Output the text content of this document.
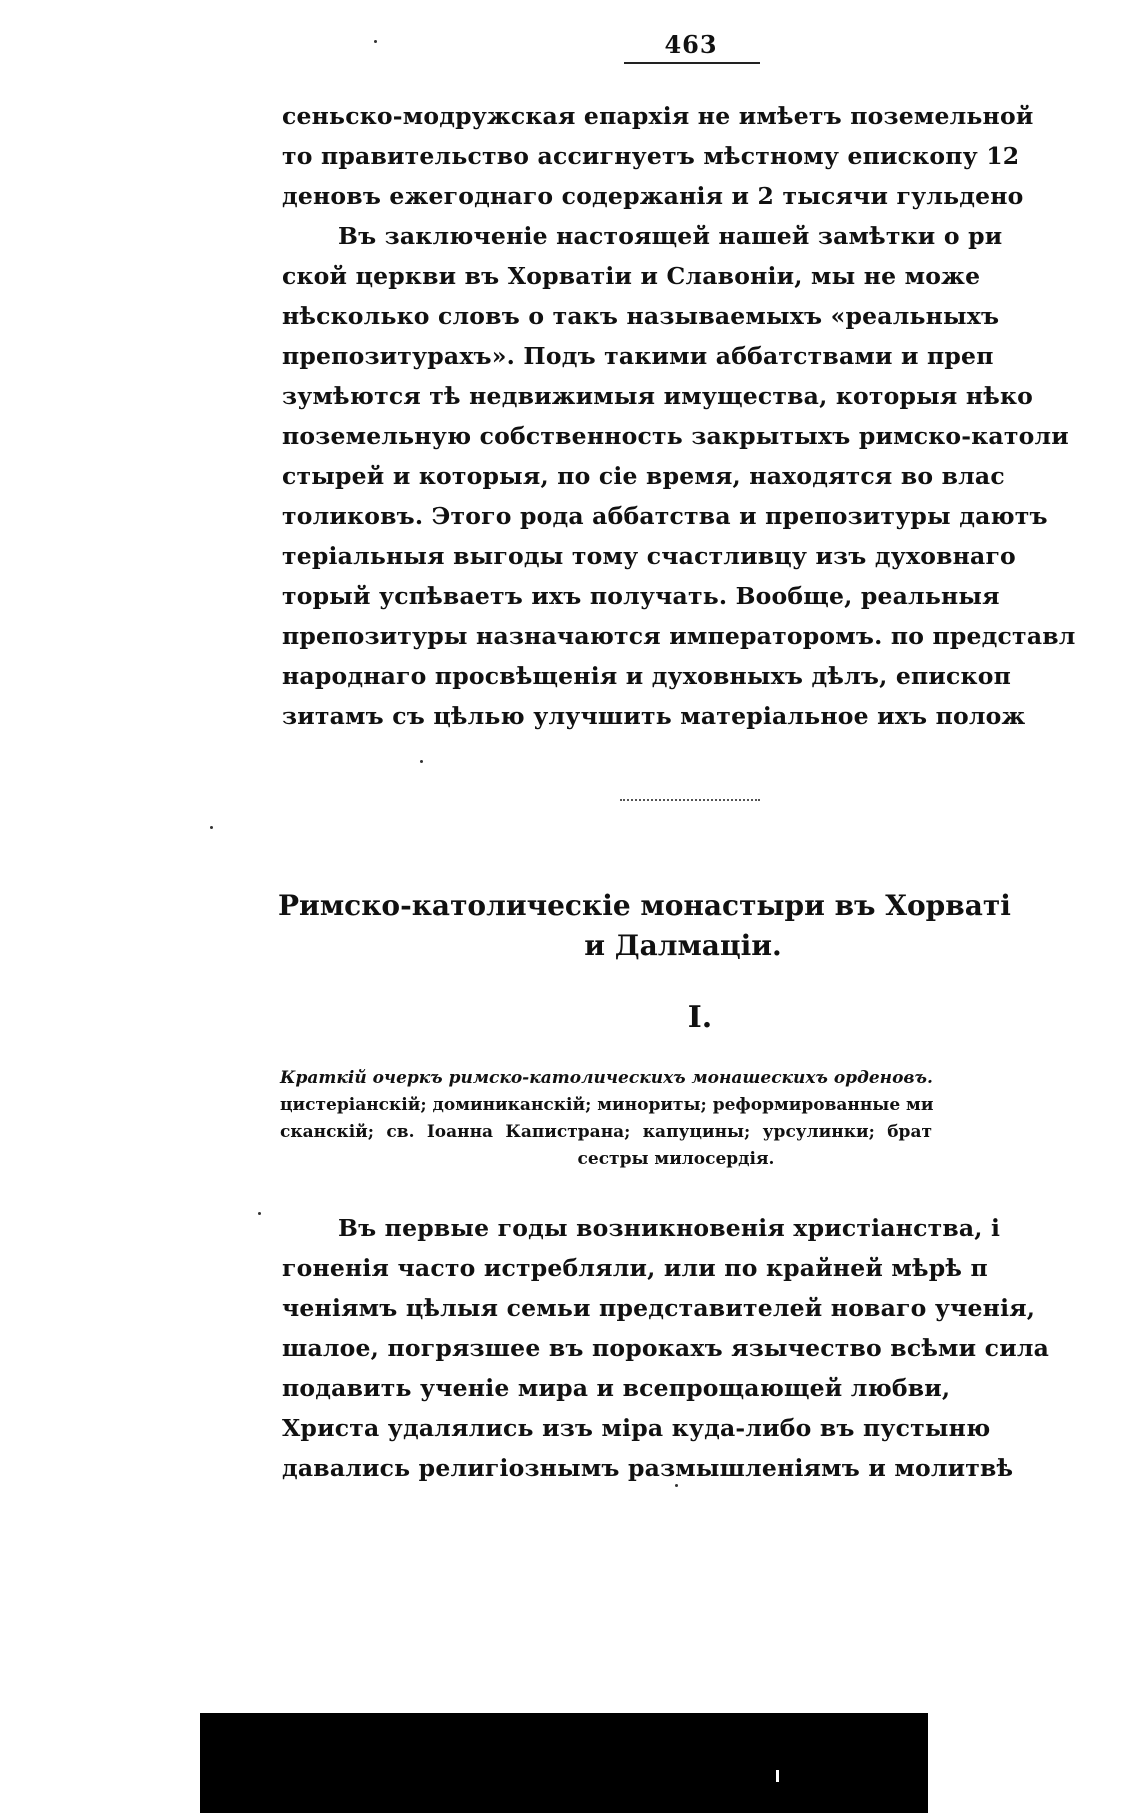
463
сеньско-модружская епархія не имѣетъ поземельной
то правительство ассигнуетъ мѣстному епископу 12
деновъ ежегоднаго содержанія и 2 тысячи гульдено
Въ заключеніе настоящей нашей замѣтки о ри
ской церкви въ Хорватіи и Славоніи, мы не може
нѣсколько словъ о такъ называемыхъ «реальныхъ
препозитурахъ». Подъ такими аббатствами и преп
зумѣются тѣ недвижимыя имущества, которыя нѣко
поземельную собственность закрытыхъ римско-католи
стырей и которыя, по сіе время, находятся во влас
толиковъ. Этого рода аббатства и препозитуры даютъ
теріальныя выгоды тому счастливцу изъ духовнаго
торый успѣваетъ ихъ получать. Вообще, реальныя
препозитуры назначаются императоромъ. по представл
народнаго просвѣщенія и духовныхъ дѣлъ, епископ
зитамъ съ цѣлью улучшить матеріальное ихъ полож
Римско-католическіе монастыри въ Хорваті
и Далмаціи.
I.
Краткій очеркъ римско-католическихъ монашескихъ орденовъ.
цистеріанскій; доминиканскій; минориты; реформированные ми
сканскій; св. Іоанна Капистрана; капуцины; урсулинки; брат
сестры милосердія.
Въ первые годы возникновенія христіанства, і
гоненія часто истребляли, или по крайней мѣрѣ п
ченіямъ цѣлыя семьи представителей новаго ученія,
шалое, погрязшее въ порокахъ язычество всѣми сила
подавить ученіе мира и всепрощающей любви,
Христа удалялись изъ міра куда-либо въ пустыню
давались религіознымъ размышленіямъ и молитвѣ
